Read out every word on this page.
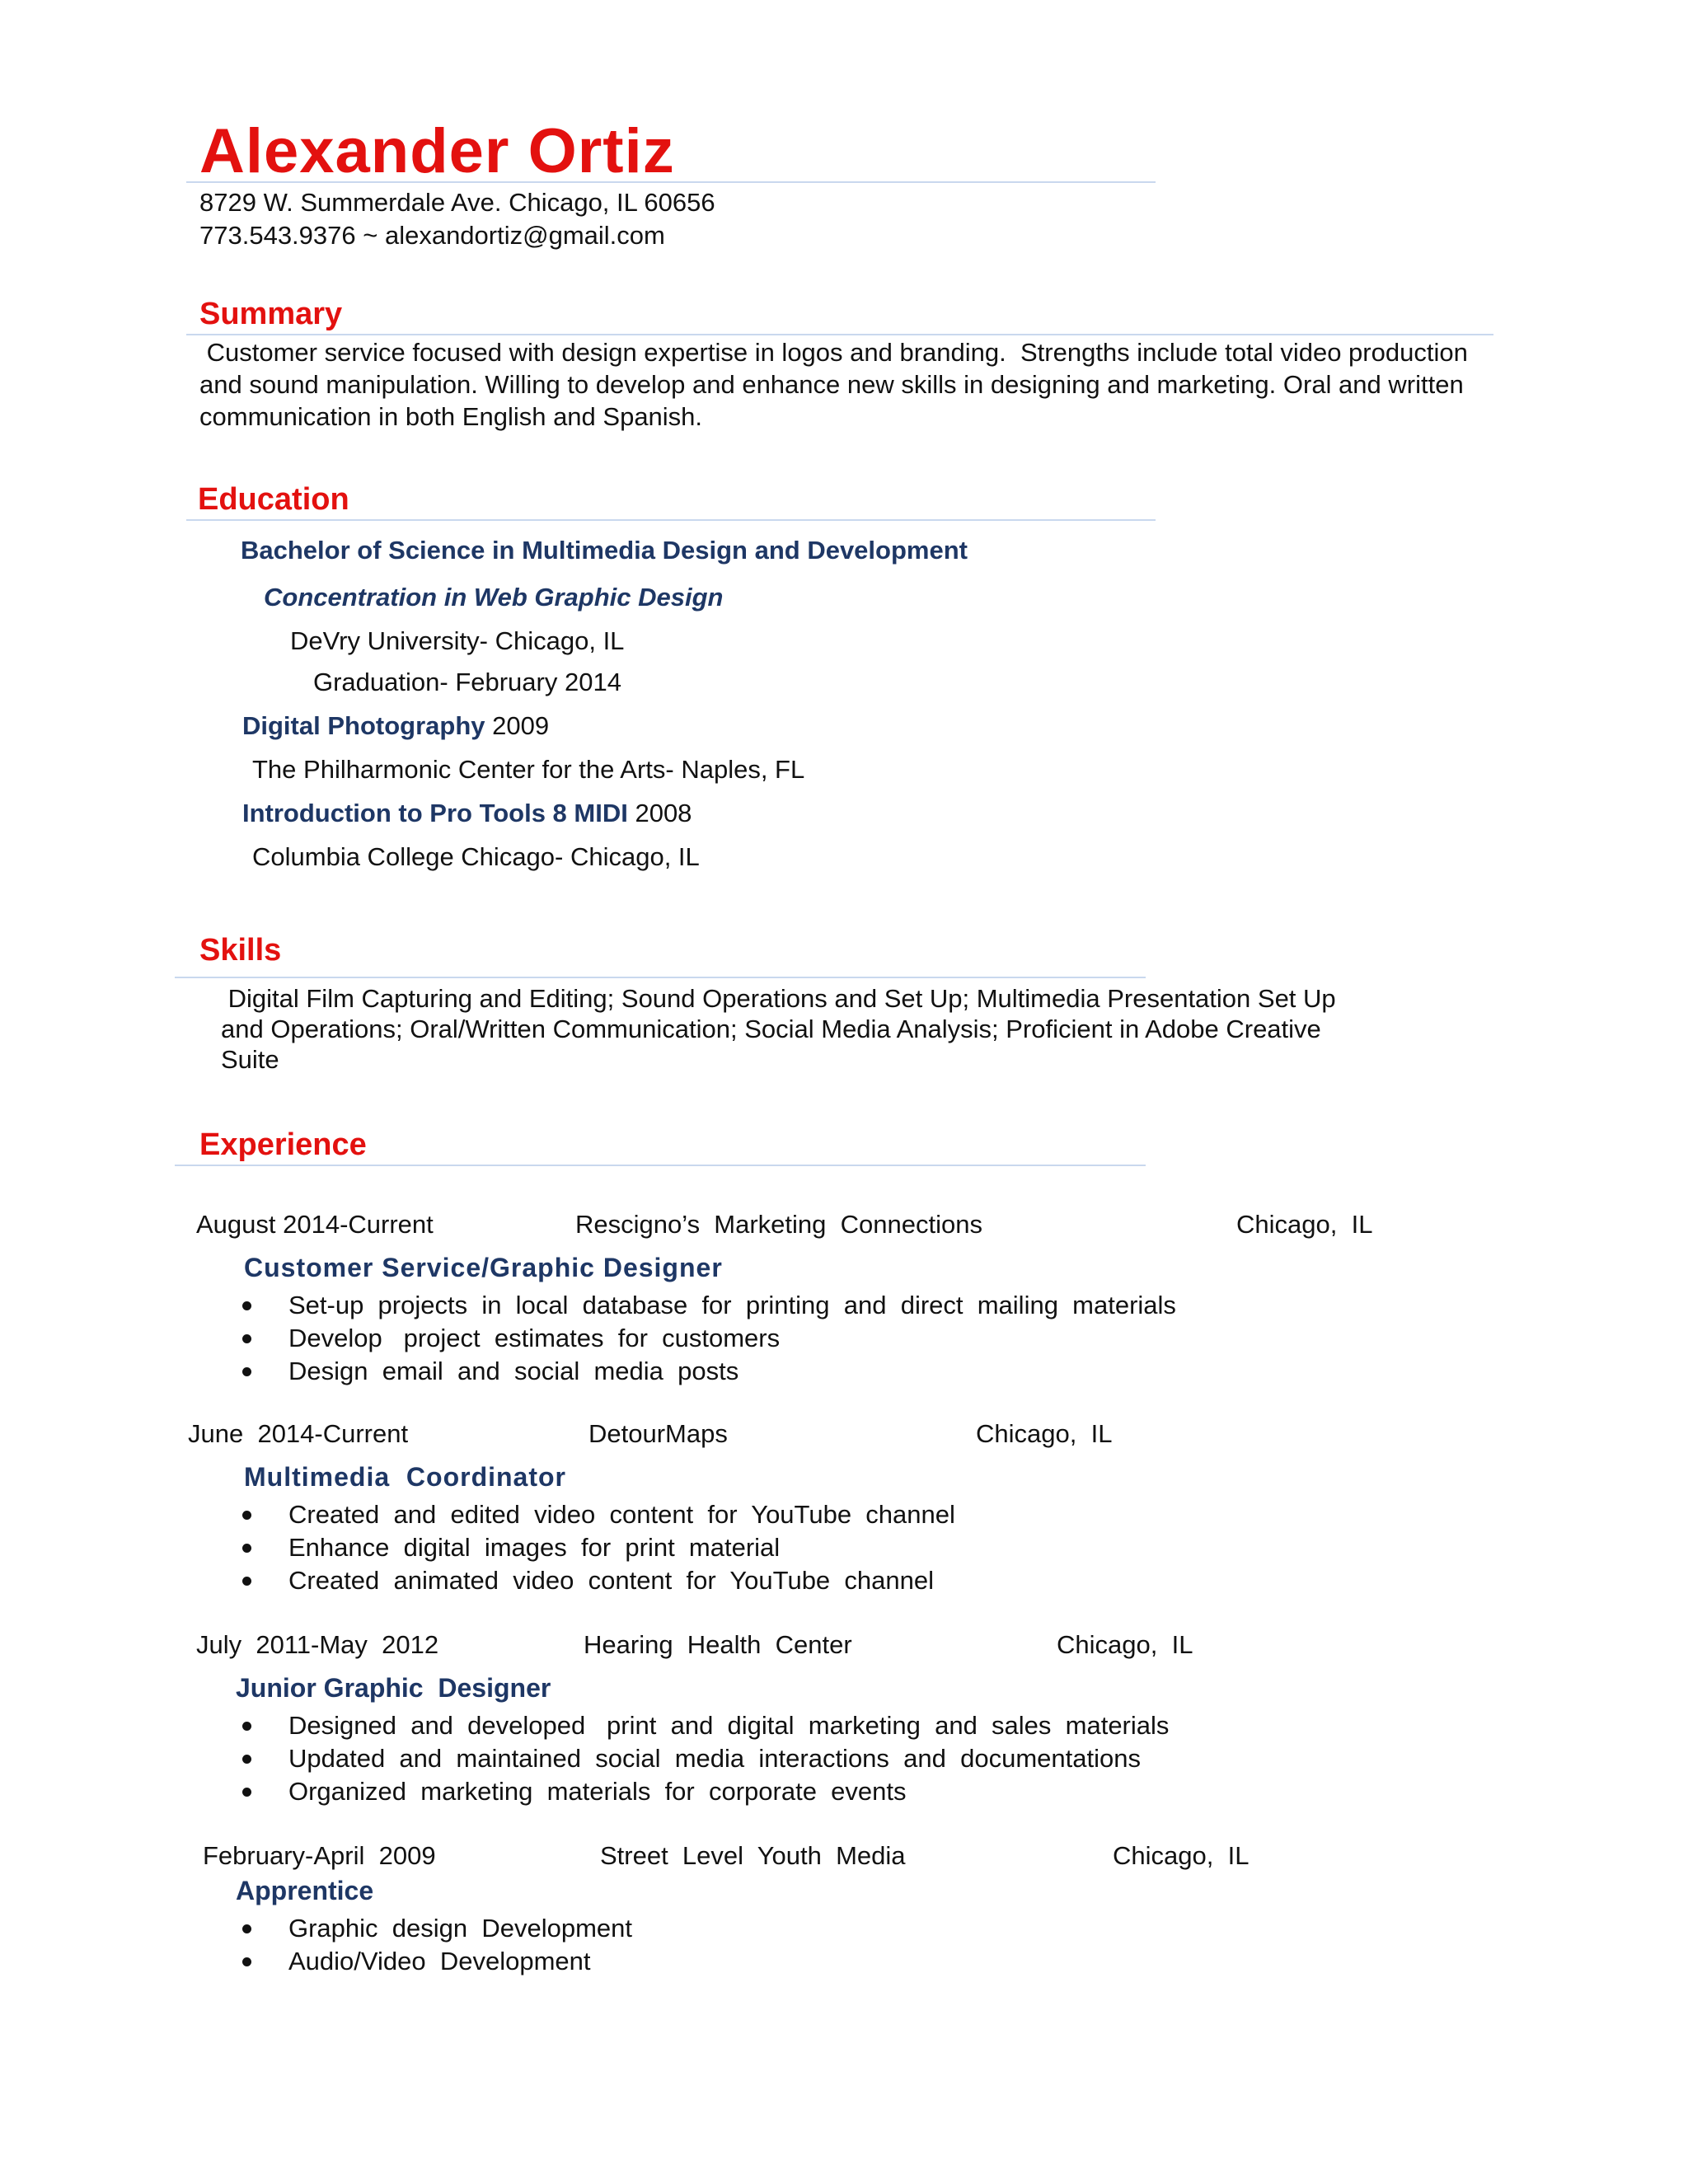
Alexander Ortiz
8729 W. Summerdale Ave. Chicago, IL 60656
773.543.9376 ~ alexandortiz@gmail.com
Summary
Customer service focused with design expertise in logos and branding.  Strengths include total video production
and sound manipulation. Willing to develop and enhance new skills in designing and marketing. Oral and written
communication in both English and Spanish.
Education
Bachelor of Science in Multimedia Design and Development
Concentration in Web Graphic Design
DeVry University- Chicago, IL
Graduation- February 2014
Digital Photography 2009
The Philharmonic Center for the Arts- Naples, FL
Introduction to Pro Tools 8 MIDI 2008
Columbia College Chicago- Chicago, IL
Skills
Digital Film Capturing and Editing; Sound Operations and Set Up; Multimedia Presentation Set Up
and Operations; Oral/Written Communication; Social Media Analysis; Proficient in Adobe Creative
Suite
Experience
August 2014-Current	Rescigno’s  Marketing  Connections	Chicago,  IL
Customer Service/Graphic Designer
Set-up  projects  in  local  database  for  printing  and  direct  mailing  materials
Develop   project  estimates  for  customers
Design  email  and  social  media  posts
June  2014-Current	DetourMaps	Chicago,  IL
Multimedia  Coordinator
Created  and  edited  video  content  for  YouTube  channel
Enhance  digital  images  for  print  material
Created  animated  video  content  for  YouTube  channel
July  2011-May  2012	Hearing  Health  Center	Chicago,  IL
Junior Graphic  Designer
Designed  and  developed   print  and  digital  marketing  and  sales  materials
Updated  and  maintained  social  media  interactions  and  documentations
Organized  marketing  materials  for  corporate  events
February-April  2009	Street  Level  Youth  Media	Chicago,  IL
Apprentice
Graphic  design  Development
Audio/Video  Development
